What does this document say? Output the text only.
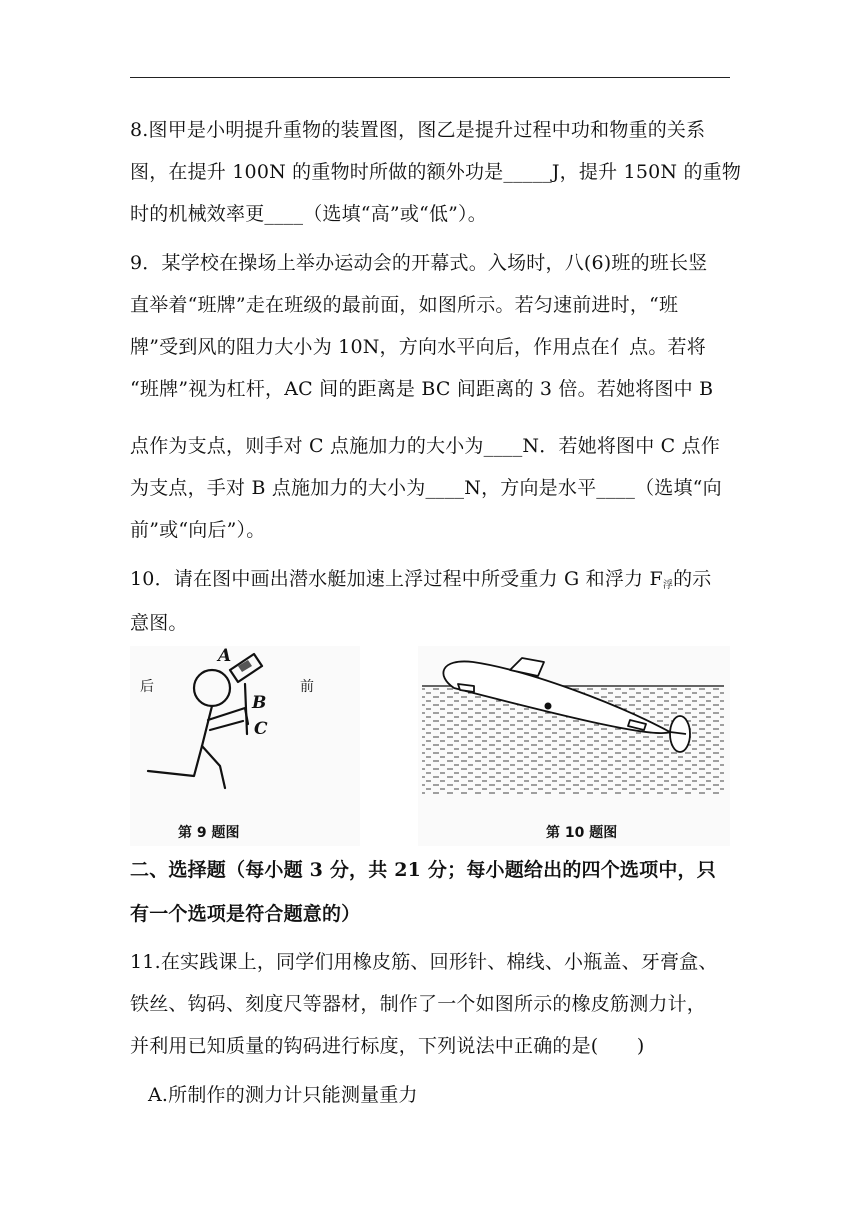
8.图甲是小明提升重物的装置图，图乙是提升过程中功和物重的关系
图，在提升 100N 的重物时所做的额外功是_____J，提升 150N 的重物
时的机械效率更____（选填“高”或“低”）。
9．某学校在操场上举办运动会的开幕式。入场时，八(6)班的班长竖
直举着“班牌”走在班级的最前面，如图所示。若匀速前进时，“班
牌”受到风的阻力大小为 10N，方向水平向后，作用点在亻点。若将
“班牌”视为杠杆，AC 间的距离是 BC 间距离的 3 倍。若她将图中 B
点作为支点，则手对 C 点施加力的大小为____N．若她将图中 C 点作
为支点，手对 B 点施加力的大小为____N，方向是水平____（选填“向
前”或“向后”）。
10．请在图中画出潜水艇加速上浮过程中所受重力 G 和浮力 $F_浮$的示
意图。
后	前
A
B
C
第 9 题图	第 10 题图
二、选择题（每小题 3 分，共 21 分；每小题给出的四个选项中，只
有一个选项是符合题意的）
11.在实践课上，同学们用橡皮筋、回形针、棉线、小瓶盖、牙膏盒、
铁丝、钩码、刻度尺等器材，制作了一个如图所示的橡皮筋测力计，
并利用已知质量的钩码进行标度，下列说法中正确的是(　　)
A.所制作的测力计只能测量重力
